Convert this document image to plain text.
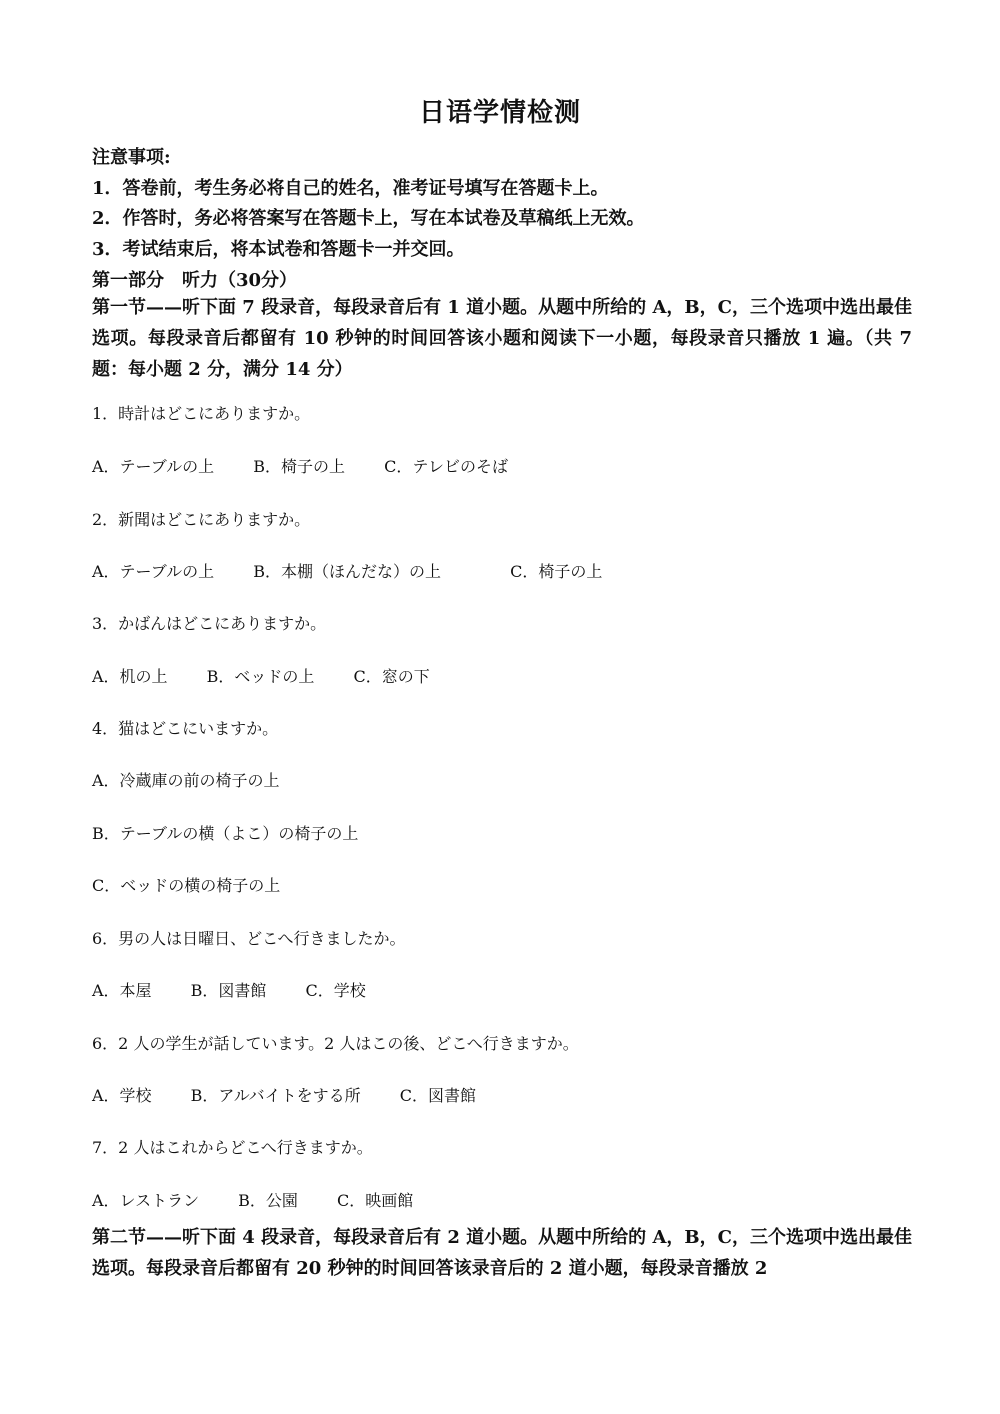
日语学情检测
注意事项:
1．答卷前，考生务必将自己的姓名，准考证号填写在答题卡上。
2．作答时，务必将答案写在答题卡上，写在本试卷及草稿纸上无效。
3．考试结束后，将本试卷和答题卡一并交回。
第一部分　听力（30分）
第一节——听下面 7 段录音，每段录音后有 1 道小题。从题中所给的 A，B，C，三个选项中选出最佳选项。每段录音后都留有 10 秒钟的时间回答该小题和阅读下一小题，每段录音只播放 1 遍。（共 7 题：每小题 2 分，满分 14 分）
1．時計はどこにありますか。
A．テーブルの上 B．椅子の上 C．テレビのそば
2．新聞はどこにありますか。
A．テーブルの上 B．本棚（ほんだな）の上	C．椅子の上
3．かばんはどこにありますか。
A．机の上 B．ベッドの上 C．窓の下
4．猫はどこにいますか。
A．冷蔵庫の前の椅子の上
B．テーブルの横（よこ）の椅子の上
C．ベッドの横の椅子の上
6．男の人は日曜日、どこへ行きましたか。
A．本屋 B．図書館 C．学校
6．2 人の学生が話しています。2 人はこの後、どこへ行きますか。
A．学校 B．アルバイトをする所 C．図書館
7．2 人はこれからどこへ行きますか。
A．レストラン B．公園 C．映画館
第二节——听下面 4 段录音，每段录音后有 2 道小题。从题中所给的 A，B，C，三个选项中选出最佳选项。每段录音后都留有 20 秒钟的时间回答该录音后的 2 道小题，每段录音播放 2
